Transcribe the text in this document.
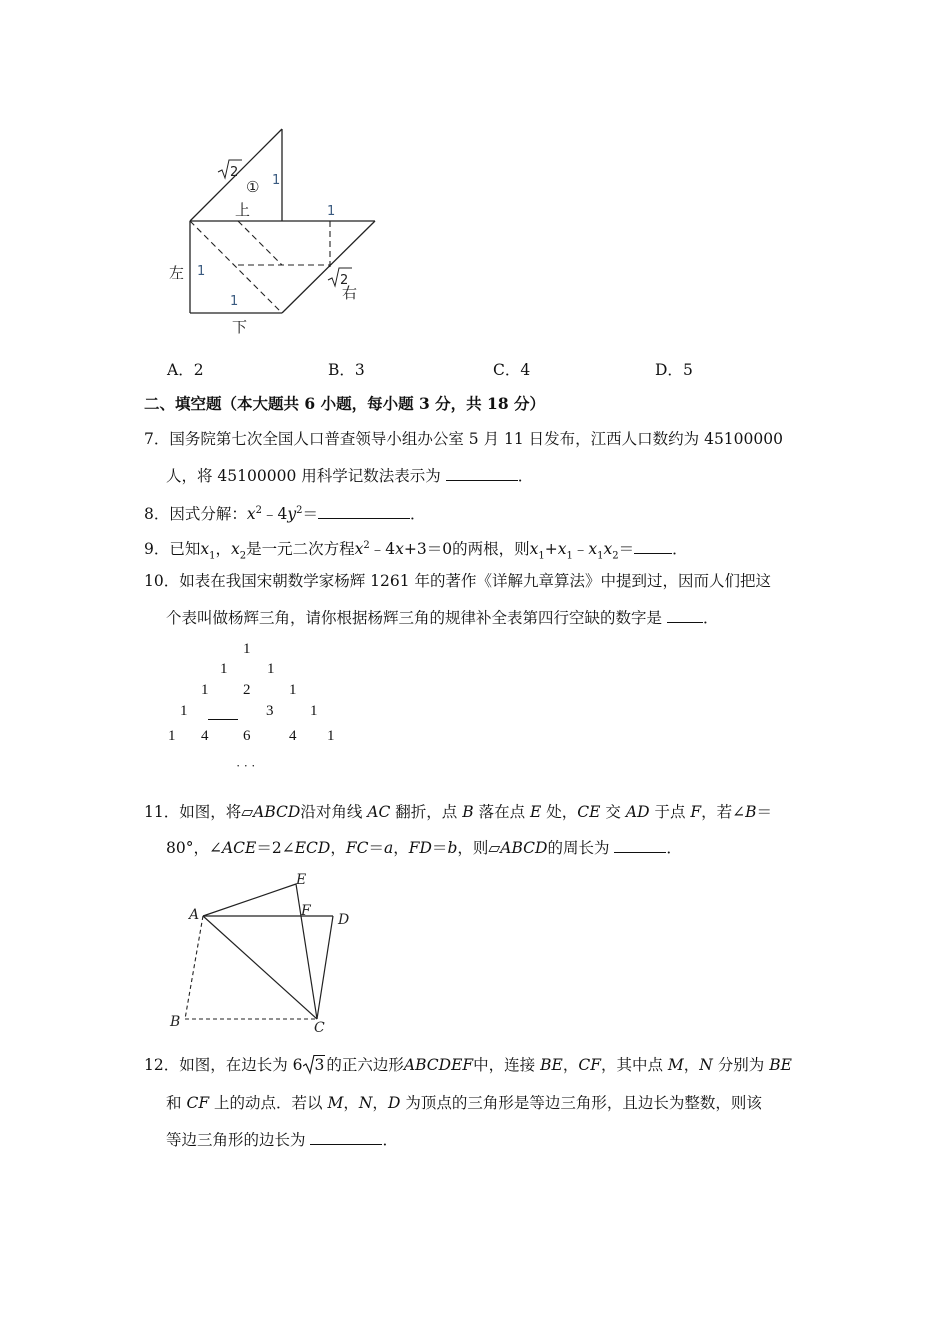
2
① 1
上	1
左 1
2
右
1
下
A．2	B．3	C．4	D．5
二、填空题（本大题共 6 小题，每小题 3 分，共 18 分）
7．国务院第七次全国人口普查领导小组办公室 5 月 11 日发布，江西人口数约为 45100000
人，将 45100000 用科学记数法表示为	．
8．因式分解：$x^2﹣4y^2=$	．
9．已知$x_1$，$x_2$是一元二次方程$x^2﹣4x+3=0$的两根，则$x_1+x_1﹣x_1x_2=$ ．
10．如表在我国宋朝数学家杨辉 1261 年的著作《详解九章算法》中提到过，因而人们把这
个表叫做杨辉三角，请你根据杨辉三角的规律补全表第四行空缺的数字是	．
1
1	1
1 2	1
1	3 1
1 4 6	4 1
· · ·
11．如图，将▱ABCD沿对角线 AC 翻折，点 B 落在点 E 处，CE 交 AD 于点 F，若∠B＝
80°，∠ACE＝2∠ECD，FC＝a，FD＝b，则▱ABCD的周长为	．
A
E
F
D
B	C
12．如图，在边长为 6 3 的正六边形ABCDEF中，连接 BE，CF，其中点 M，N 分别为 BE
和 CF 上的动点．若以 M，N，D 为顶点的三角形是等边三角形，且边长为整数，则该
等边三角形的边长为	．
